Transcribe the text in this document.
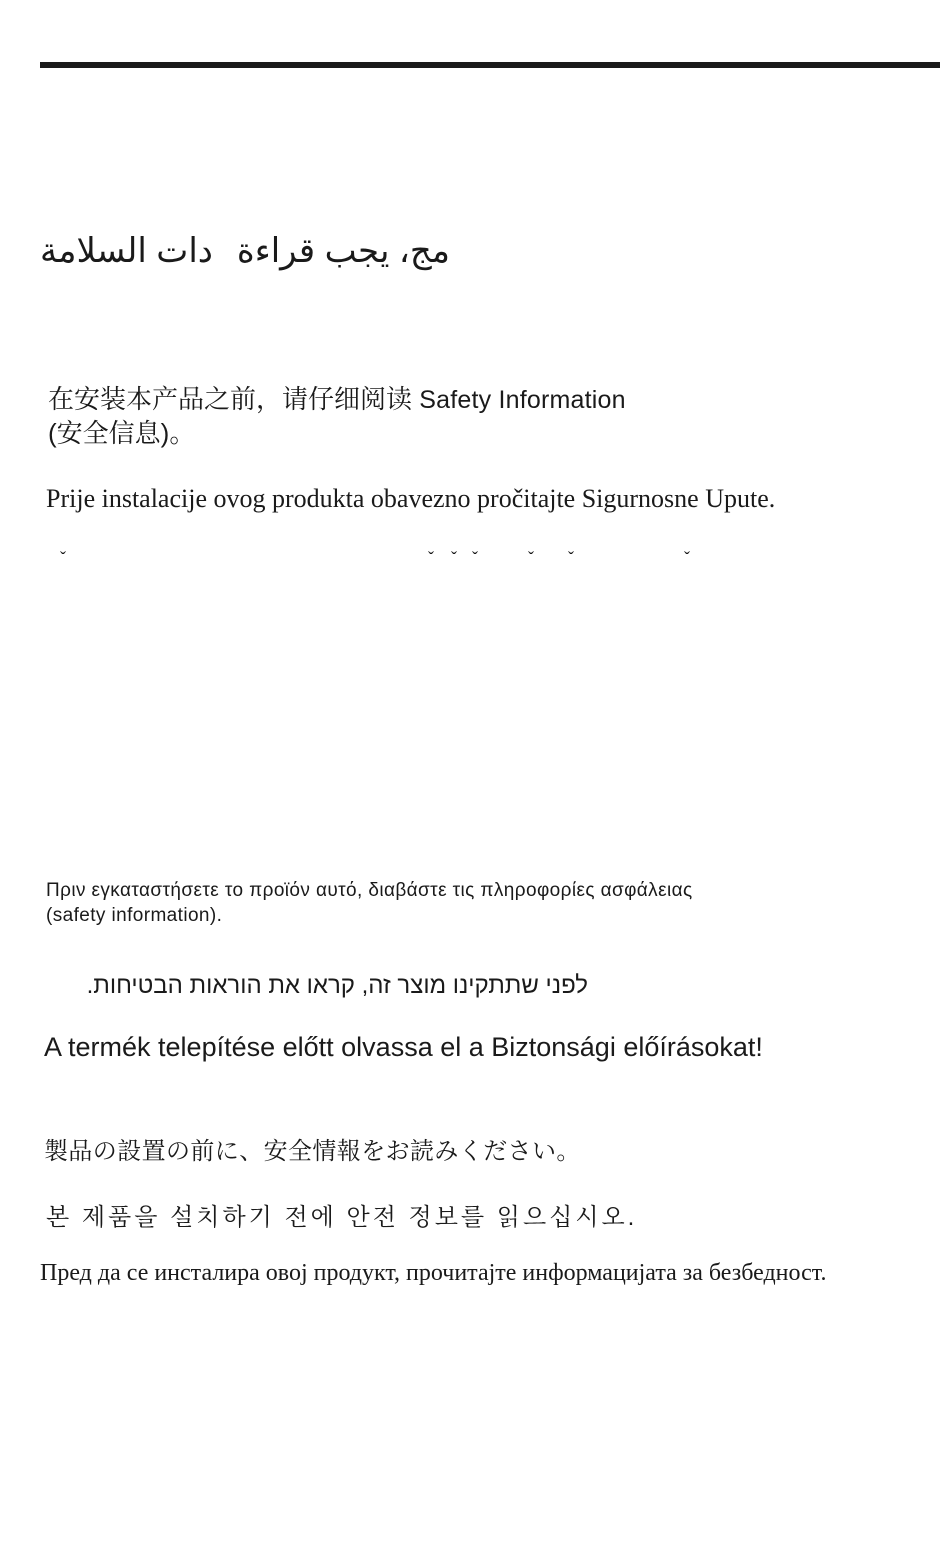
مج، يجب قراءة
دات السلامة
在安装本产品之前，请仔细阅读 Safety Information
(安全信息)。
Prije instalacije ovog produkta obavezno pročitajte Sigurnosne Upute.
ˇ	ˇ ˇ ˇ	ˇ ˇ	ˇ
Πριν εγκαταστήσετε το προϊόν αυτό, διαβάστε τις πληροφορίες ασφάλειας
(safety information).
לפני שתתקינו מוצר זה, קראו את הוראות הבטיחות.
A termék telepítése előtt olvassa el a Biztonsági előírásokat!
製品の設置の前に、安全情報をお読みください。
본 제품을 설치하기 전에 안전 정보를 읽으십시오.
Пред да се инсталира овој продукт, прочитајте информацијата за безбедност.
